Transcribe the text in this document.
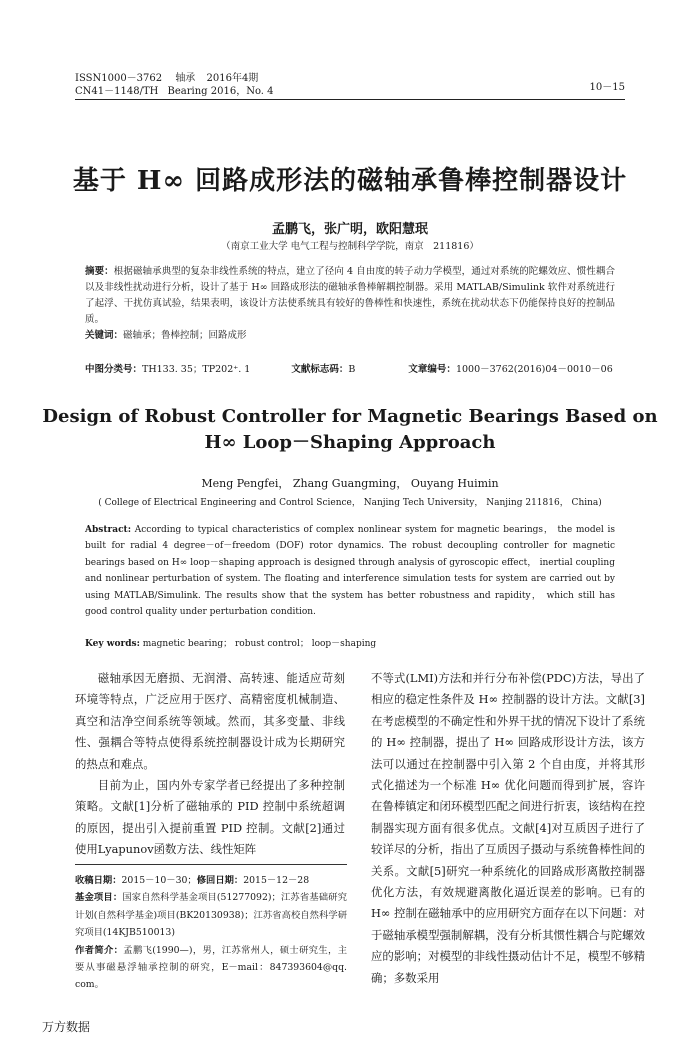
ISSN1000－3762 轴承 2016年4期
CN41－1148/TH Bearing 2016，No. 4	10－15
基于 H∞ 回路成形法的磁轴承鲁棒控制器设计
孟鹏飞，张广明，欧阳慧珉
（南京工业大学 电气工程与控制科学学院，南京　211816）
摘要：根据磁轴承典型的复杂非线性系统的特点，建立了径向 4 自由度的转子动力学模型，通过对系统的陀螺效应、惯性耦合以及非线性扰动进行分析，设计了基于 H∞ 回路成形法的磁轴承鲁棒解耦控制器。采用 MATLAB/Simulink 软件对系统进行了起浮、干扰仿真试验，结果表明，该设计方法使系统具有较好的鲁棒性和快速性，系统在扰动状态下仍能保持良好的控制品质。
关键词：磁轴承；鲁棒控制；回路成形
中图分类号：TH133. 35；TP202⁺. 1	文献标志码：B	文章编号：1000－3762(2016)04－0010－06
Design of Robust Controller for Magnetic Bearings Based on
H∞ Loop－Shaping Approach
Meng Pengfei， Zhang Guangming， Ouyang Huimin
( College of Electrical Engineering and Control Science， Nanjing Tech University， Nanjing 211816， China)
Abstract: According to typical characteristics of complex nonlinear system for magnetic bearings， the model is built for radial 4 degree－of－freedom (DOF) rotor dynamics. The robust decoupling controller for magnetic bearings based on H∞ loop－shaping approach is designed through analysis of gyroscopic effect， inertial coupling and nonlinear perturbation of system. The floating and interference simulation tests for system are carried out by using MATLAB/Simulink. The results show that the system has better robustness and rapidity， which still has good control quality under perturbation condition.
Key words: magnetic bearing； robust control； loop－shaping

磁轴承因无磨损、无润滑、高转速、能适应苛刻环境等特点，广泛应用于医疗、高精密度机械制造、真空和洁净空间系统等领域。然而，其多变量、非线性、强耦合等特点使得系统控制器设计成为长期研究的热点和难点。

目前为止，国内外专家学者已经提出了多种控制策略。文献[1]分析了磁轴承的 PID 控制中系统超调的原因，提出引入提前重置 PID 控制。文献[2]通过使用Lyapunov函数方法、线性矩阵

不等式(LMI)方法和并行分布补偿(PDC)方法，导出了相应的稳定性条件及 H∞ 控制器的设计方法。文献[3]在考虑模型的不确定性和外界干扰的情况下设计了系统的 H∞ 控制器，提出了 H∞ 回路成形设计方法，该方法可以通过在控制器中引入第 2 个自由度，并将其形式化描述为一个标准 H∞ 优化问题而得到扩展，容许在鲁棒镇定和闭环模型匹配之间进行折衷，该结构在控制器实现方面有很多优点。文献[4]对互质因子进行了较详尽的分析，指出了互质因子摄动与系统鲁棒性间的关系。文献[5]研究一种系统化的回路成形离散控制器优化方法，有效规避离散化逼近误差的影响。已有的 H∞ 控制在磁轴承中的应用研究方面存在以下问题：对于磁轴承模型强制解耦，没有分析其惯性耦合与陀螺效应的影响；对模型的非线性摄动估计不足，模型不够精确；多数采用

收稿日期：2015－10－30；修回日期：2015－12－28
基金项目：国家自然科学基金项目(51277092)；江苏省基础研究计划(自然科学基金)项目(BK20130938)；江苏省高校自然科学研究项目(14KJB510013)
作者简介：孟鹏飞(1990—)，男，江苏常州人，硕士研究生，主要从事磁悬浮轴承控制的研究，E－mail：847393604@qq. com。
万方数据
